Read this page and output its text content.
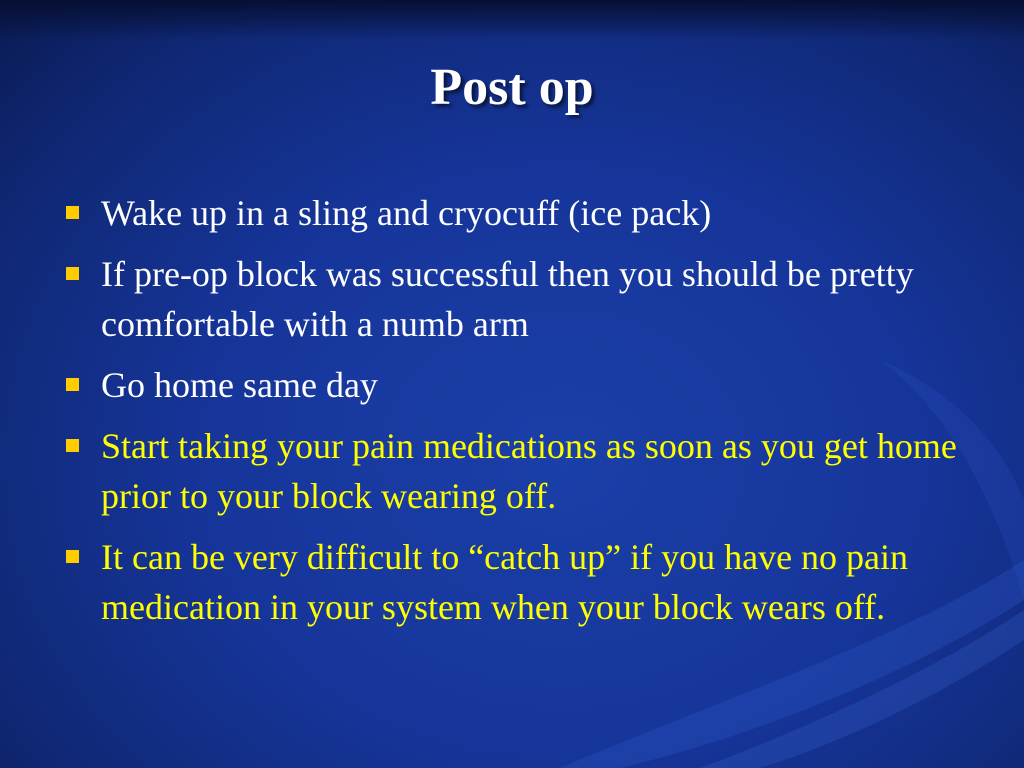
Post op
Wake up in a sling and cryocuff (ice pack)
If pre-op block was successful then you should be pretty comfortable with a numb arm
Go home same day
Start taking your pain medications as soon as you get home prior to your block wearing off.
It can be very difficult to “catch up” if you have no pain medication in your system when your block wears off.
